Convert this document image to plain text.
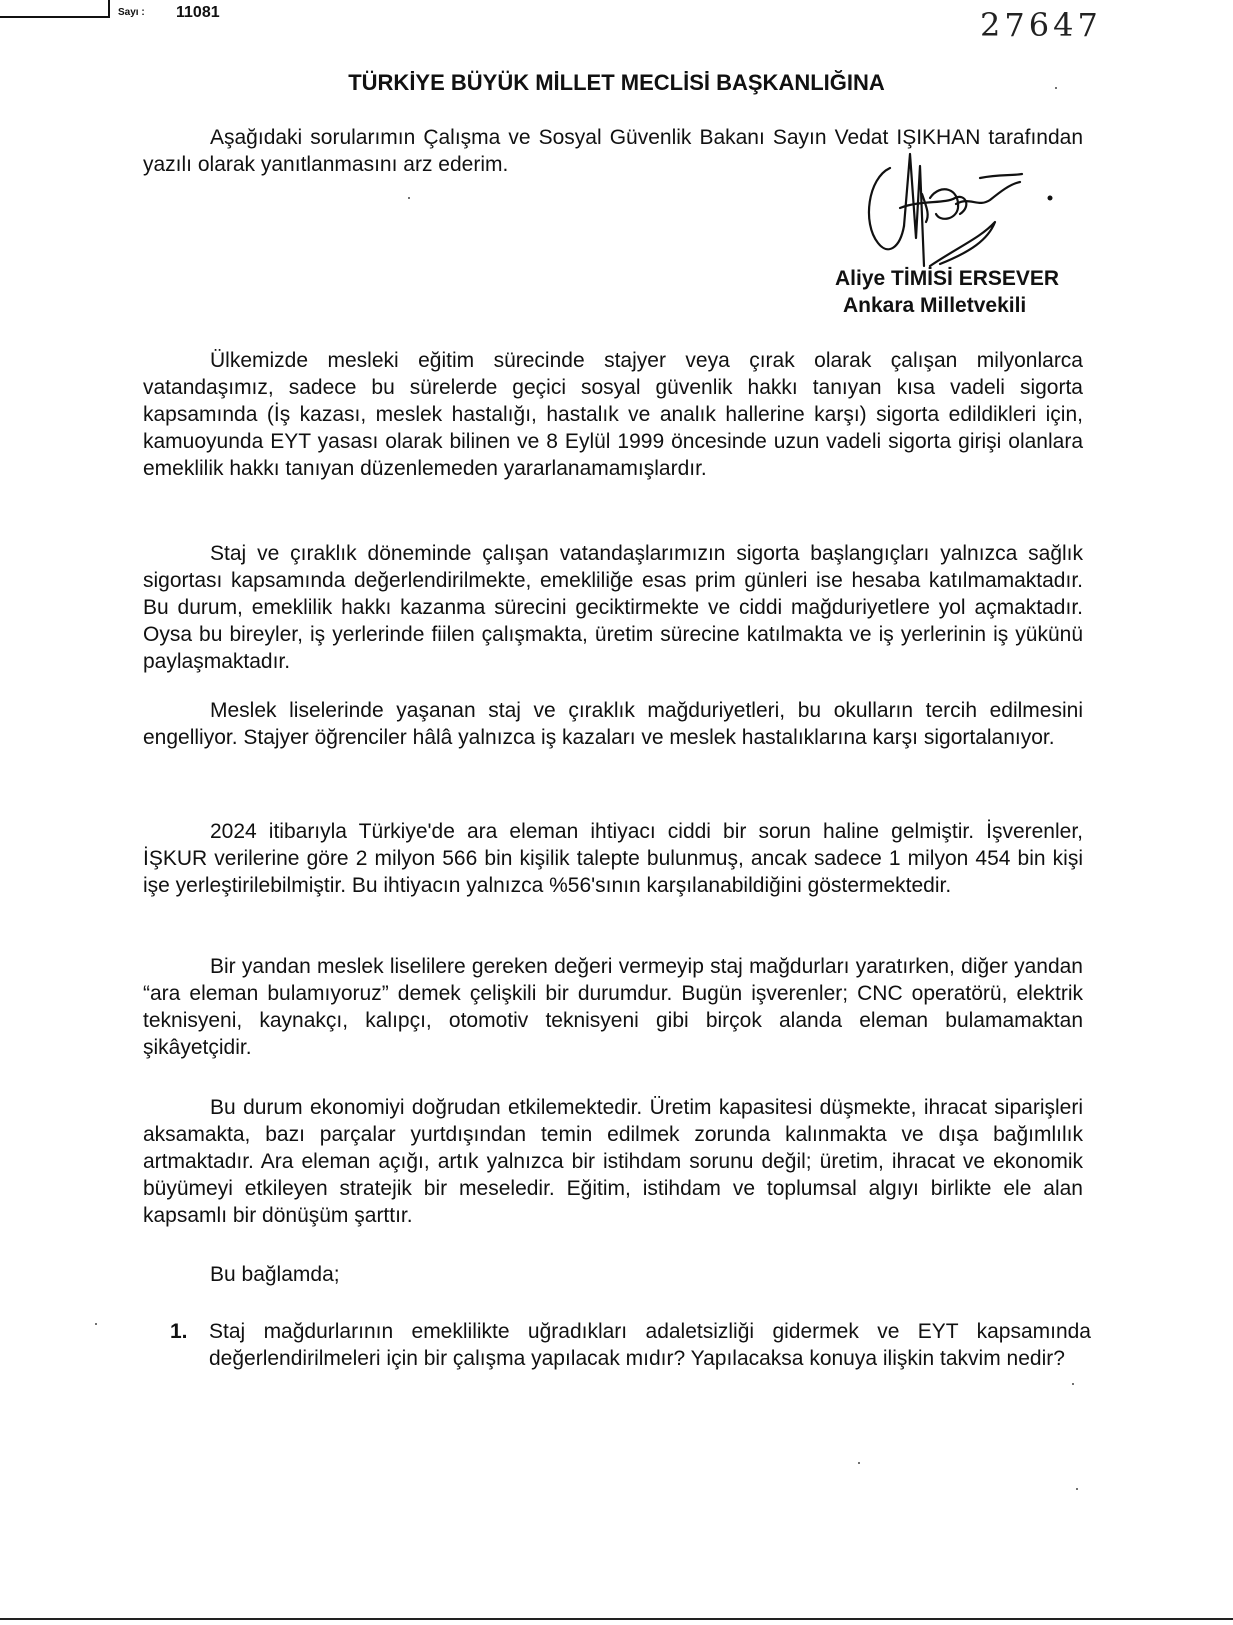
Sayı : 11081	27647
TÜRKİYE BÜYÜK MİLLET MECLİSİ BAŞKANLIĞINA

Aşağıdaki sorularımın Çalışma ve Sosyal Güvenlik Bakanı Sayın Vedat IŞIKHAN tarafından yazılı olarak yanıtlanmasını arz ederim.

Aliye TİMİSİ ERSEVER
Ankara Milletvekili

Ülkemizde mesleki eğitim sürecinde stajyer veya çırak olarak çalışan milyonlarca vatandaşımız, sadece bu sürelerde geçici sosyal güvenlik hakkı tanıyan kısa vadeli sigorta kapsamında (İş kazası, meslek hastalığı, hastalık ve analık hallerine karşı) sigorta edildikleri için, kamuoyunda EYT yasası olarak bilinen ve 8 Eylül 1999 öncesinde uzun vadeli sigorta girişi olanlara emeklilik hakkı tanıyan düzenlemeden yararlanamamışlardır.

Staj ve çıraklık döneminde çalışan vatandaşlarımızın sigorta başlangıçları yalnızca sağlık sigortası kapsamında değerlendirilmekte, emekliliğe esas prim günleri ise hesaba katılmamaktadır. Bu durum, emeklilik hakkı kazanma sürecini geciktirmekte ve ciddi mağduriyetlere yol açmaktadır. Oysa bu bireyler, iş yerlerinde fiilen çalışmakta, üretim sürecine katılmakta ve iş yerlerinin iş yükünü paylaşmaktadır.

Meslek liselerinde yaşanan staj ve çıraklık mağduriyetleri, bu okulların tercih edilmesini engelliyor. Stajyer öğrenciler hâlâ yalnızca iş kazaları ve meslek hastalıklarına karşı sigortalanıyor.

2024 itibarıyla Türkiye'de ara eleman ihtiyacı ciddi bir sorun haline gelmiştir. İşverenler, İŞKUR verilerine göre 2 milyon 566 bin kişilik talepte bulunmuş, ancak sadece 1 milyon 454 bin kişi işe yerleştirilebilmiştir. Bu ihtiyacın yalnızca %56'sının karşılanabildiğini göstermektedir.

Bir yandan meslek liselilere gereken değeri vermeyip staj mağdurları yaratırken, diğer yandan “ara eleman bulamıyoruz” demek çelişkili bir durumdur. Bugün işverenler; CNC operatörü, elektrik teknisyeni, kaynakçı, kalıpçı, otomotiv teknisyeni gibi birçok alanda eleman bulamamaktan şikâyetçidir.

Bu durum ekonomiyi doğrudan etkilemektedir. Üretim kapasitesi düşmekte, ihracat siparişleri aksamakta, bazı parçalar yurtdışından temin edilmek zorunda kalınmakta ve dışa bağımlılık artmaktadır. Ara eleman açığı, artık yalnızca bir istihdam sorunu değil; üretim, ihracat ve ekonomik büyümeyi etkileyen stratejik bir meseledir. Eğitim, istihdam ve toplumsal algıyı birlikte ele alan kapsamlı bir dönüşüm şarttır.

Bu bağlamda;

1. Staj mağdurlarının emeklilikte uğradıkları adaletsizliği gidermek ve EYT kapsamında değerlendirilmeleri için bir çalışma yapılacak mıdır? Yapılacaksa konuya ilişkin takvim nedir?
